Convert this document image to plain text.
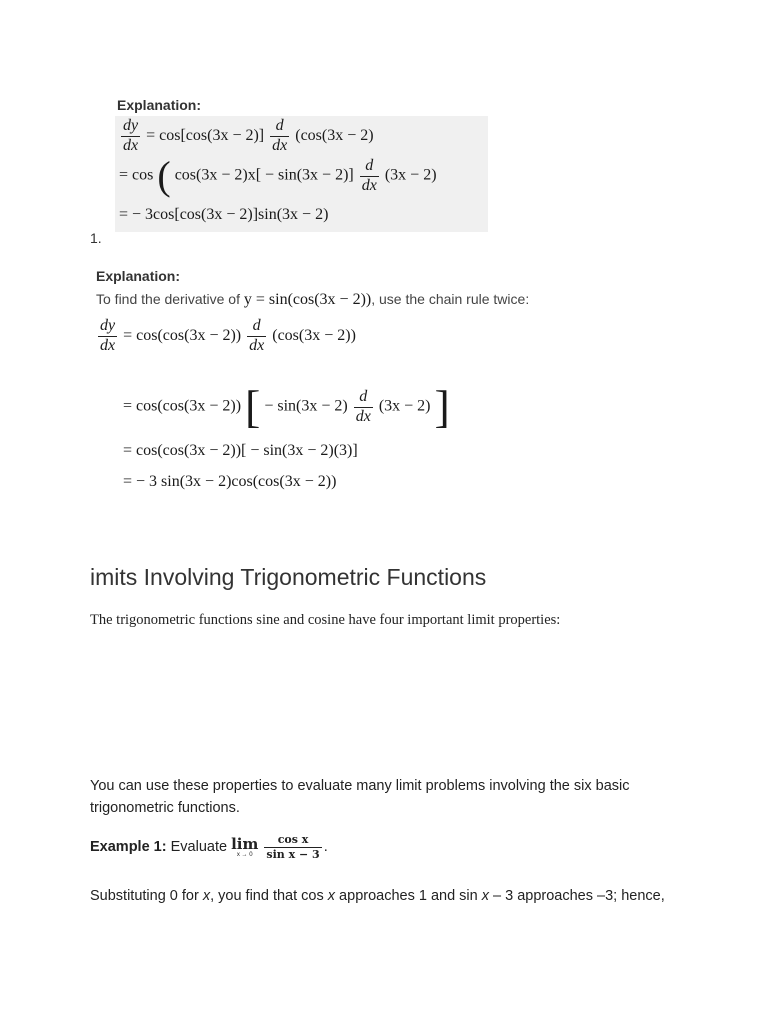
Explanation:
$\frac{dy}{dx} = \cos[\cos(3x - 2)] \frac{d}{dx} (\cos(3x - 2)$
= cos ( $\cos(3x - 2)x[ - \sin(3x - 2)] \frac{d}{dx} (3x - 2)$
= − 3cos[cos(3x − 2)]sin(3x − 2)
1.
Explanation:
To find the derivative of y = sin(cos(3x − 2)), use the chain rule twice:
$\frac{dy}{dx} = \cos(\cos(3x - 2)) \frac{d}{dx} (\cos(3x - 2))$
= cos(cos(3x − 2)) [ − $\sin(3x - 2) \frac{d}{dx} (3x - 2)$ ]
= cos(cos(3x − 2))[ − sin(3x − 2)(3)]
= − 3 sin(3x − 2)cos(cos(3x − 2))
imits Involving Trigonometric Functions
The trigonometric functions sine and cosine have four important limit properties:
You can use these properties to evaluate many limit problems involving the six basic trigonometric functions.
Example 1: Evaluate lim
x → 0
$\frac{\text{cos x}}{\text{sin x − 3}}$ .
Substituting 0 for x, you find that cos x approaches 1 and sin x – 3 approaches –3; hence,
